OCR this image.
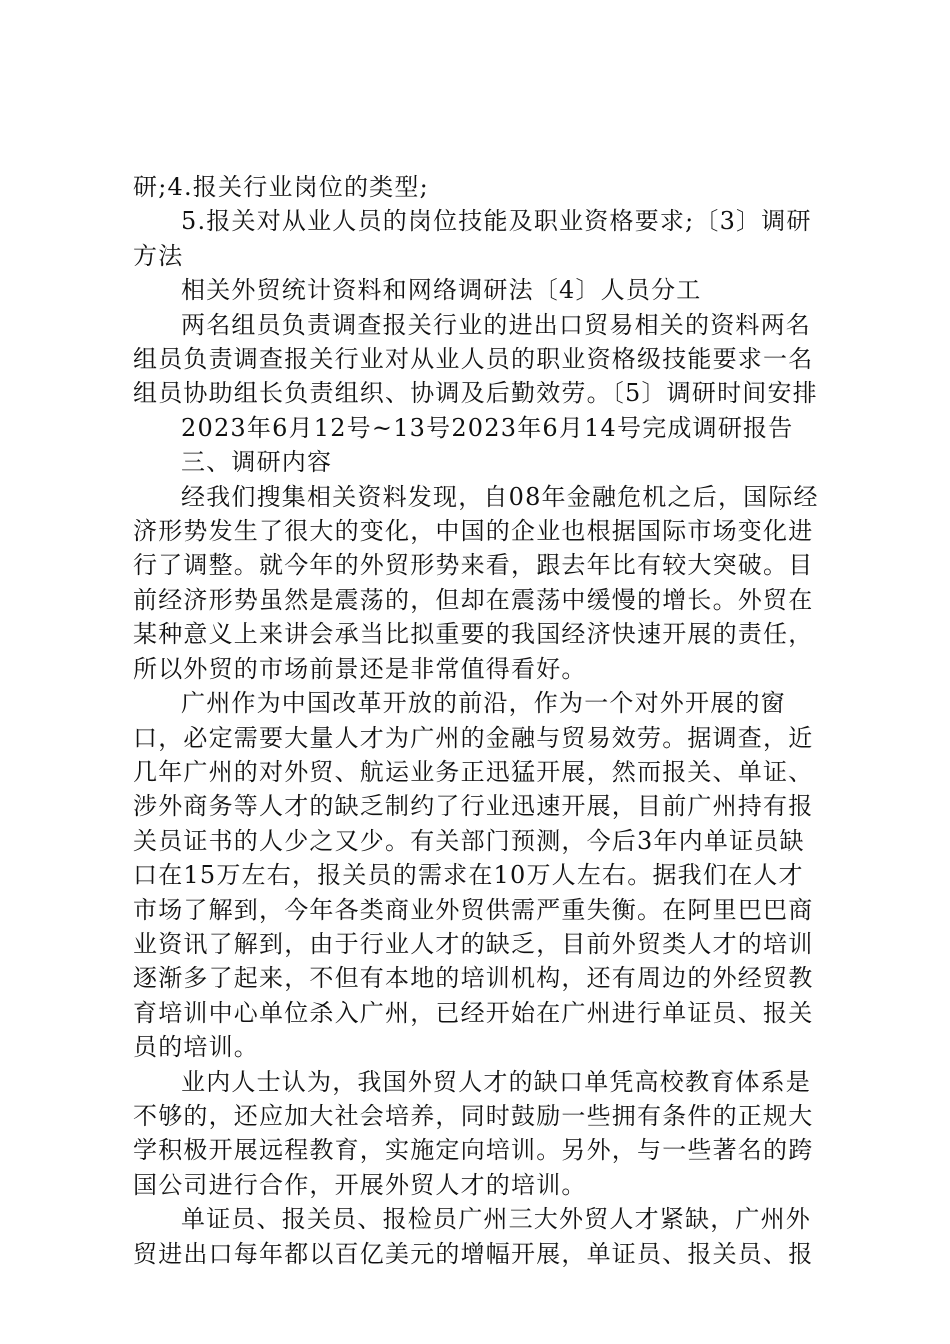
研;4.报关行业岗位的类型;

5.报关对从业人员的岗位技能及职业资格要求;〔3〕调研方法

相关外贸统计资料和网络调研法〔4〕人员分工

两名组员负责调查报关行业的进出口贸易相关的资料两名组员负责调查报关行业对从业人员的职业资格级技能要求一名组员协助组长负责组织、协调及后勤效劳。〔5〕调研时间安排

2023年6月12号~13号2023年6月14号完成调研报告

三、调研内容

经我们搜集相关资料发现，自08年金融危机之后，国际经济形势发生了很大的变化，中国的企业也根据国际市场变化进行了调整。就今年的外贸形势来看，跟去年比有较大突破。目前经济形势虽然是震荡的，但却在震荡中缓慢的增长。外贸在某种意义上来讲会承当比拟重要的我国经济快速开展的责任，所以外贸的市场前景还是非常值得看好。

广州作为中国改革开放的前沿，作为一个对外开展的窗口，必定需要大量人才为广州的金融与贸易效劳。据调查，近几年广州的对外贸、航运业务正迅猛开展，然而报关、单证、涉外商务等人才的缺乏制约了行业迅速开展，目前广州持有报关员证书的人少之又少。有关部门预测，今后3年内单证员缺口在15万左右，报关员的需求在10万人左右。据我们在人才市场了解到，今年各类商业外贸供需严重失衡。在阿里巴巴商业资讯了解到，由于行业人才的缺乏，目前外贸类人才的培训逐渐多了起来，不但有本地的培训机构，还有周边的外经贸教育培训中心单位杀入广州，已经开始在广州进行单证员、报关员的培训。

业内人士认为，我国外贸人才的缺口单凭高校教育体系是不够的，还应加大社会培养，同时鼓励一些拥有条件的正规大学积极开展远程教育，实施定向培训。另外，与一些著名的跨国公司进行合作，开展外贸人才的培训。

单证员、报关员、报检员广州三大外贸人才紧缺，广州外贸进出口每年都以百亿美元的增幅开展，单证员、报关员、报
